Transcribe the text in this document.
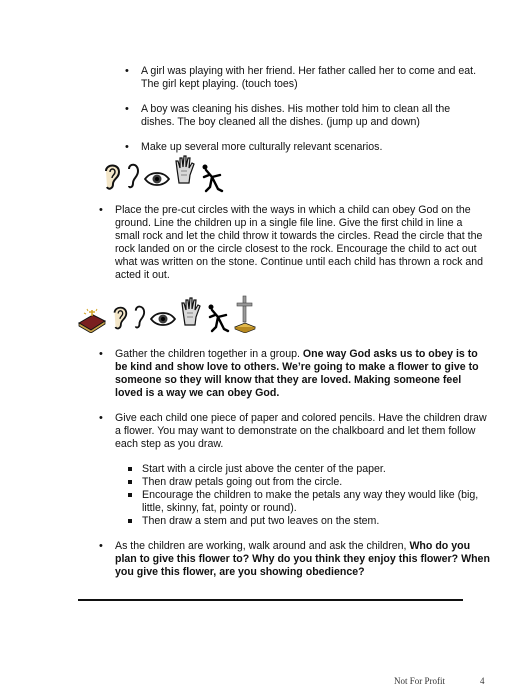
• A girl was playing with her friend. Her father called her to come and eat. The girl kept playing. (touch toes)
• A boy was cleaning his dishes. His mother told him to clean all the dishes. The boy cleaned all the dishes. (jump up and down)
• Make up several more culturally relevant scenarios.
• Place the pre-cut circles with the ways in which a child can obey God on the ground. Line the children up in a single file line. Give the first child in line a small rock and let the child throw it towards the circles. Read the circle that the rock landed on or the circle closest to the rock. Encourage the child to act out what was written on the stone. Continue until each child has thrown a rock and acted it out.
• Gather the children together in a group. One way God asks us to obey is to be kind and show love to others. We’re going to make a flower to give to someone so they will know that they are loved. Making someone feel loved is a way we can obey God.
• Give each child one piece of paper and colored pencils. Have the children draw a flower. You may want to demonstrate on the chalkboard and let them follow each step as you draw.
Start with a circle just above the center of the paper.
Then draw petals going out from the circle.
Encourage the children to make the petals any way they would like (big, little, skinny, fat, pointy or round).
Then draw a stem and put two leaves on the stem.
• As the children are working, walk around and ask the children, Who do you plan to give this flower to? Why do you think they enjoy this flower? When you give this flower, are you showing obedience?
Not For Profit	4
